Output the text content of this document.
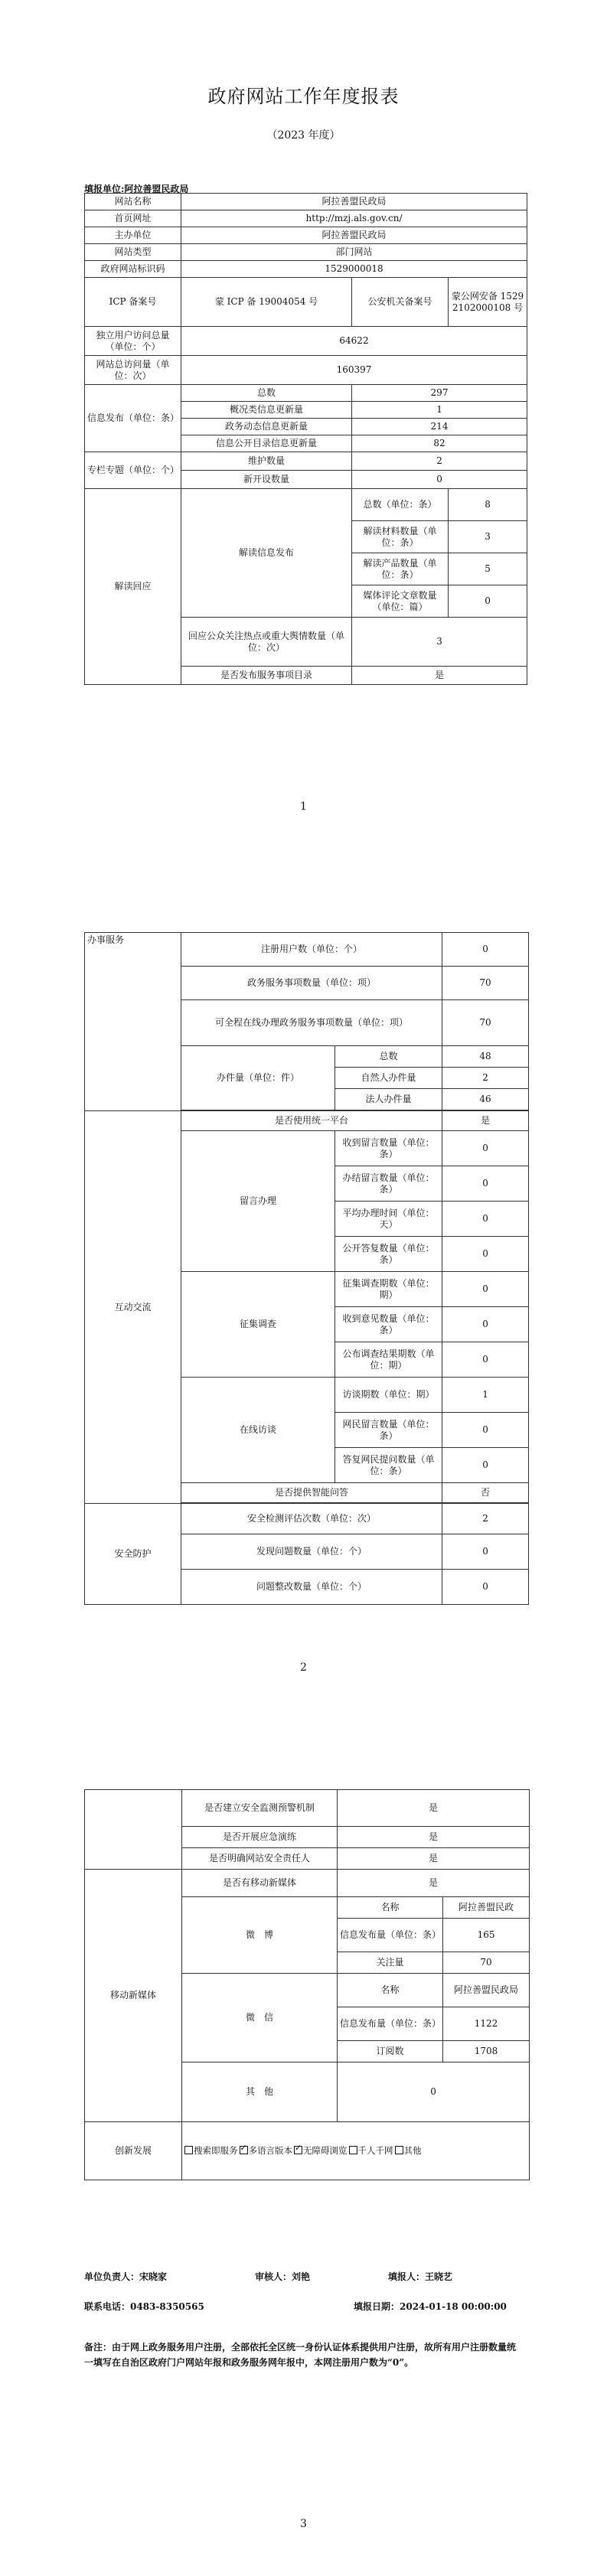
政府网站工作年度报表
（2023 年度）
填报单位:阿拉善盟民政局
网站名称	阿拉善盟民政局		
首页网址	http://mzj.als.gov.cn/		
主办单位	阿拉善盟民政局		
网站类型	部门网站		
政府网站标识码	1529000018		
ICP 备案号	蒙 ICP 备 19004054 号	公安机关备案号	蒙公网安备 15292102000108 号
独立用户访问总量（单位：个）	64622		
网站总访问量（单位：次）	160397		
信息发布（单位：条）	总数	297	
	概况类信息更新量	1	
	政务动态信息更新量	214	
	信息公开目录信息更新量	82	
专栏专题（单位：个）	维护数量	2	
	新开设数量	0	
解读回应	解读信息发布	总数（单位：条）	8
		解读材料数量（单位：条）	3
		解读产品数量（单位：条）	5
		媒体评论文章数量（单位：篇）	0
	回应公众关注热点或重大舆情数量（单位：次）	3	
	是否发布服务事项目录	是	
1
办事服务	注册用户数（单位：个）		0
	政务服务事项数量（单位：项）		70
	可全程在线办理政务服务事项数量（单位：项）		70
	办件量（单位：件）	总数	48
		自然人办件量	2
		法人办件量	46

互动交流	是否使用统一平台		是
	留言办理	收到留言数量（单位：条）	0
		办结留言数量（单位：条）	0
		平均办理时间（单位：天）	0
		公开答复数量（单位：条）	0
	征集调查	征集调查期数（单位：期）	0
		收到意见数量（单位：条）	0
		公布调查结果期数（单位：期）	0
	在线访谈	访谈期数（单位：期）	1
		网民留言数量（单位：条）	0
		答复网民提问数量（单位：条）	0
	是否提供智能问答		否

安全防护	安全检测评估次数（单位：次）		2
	发现问题数量（单位：个）		0
	问题整改数量（单位：个）		0
2
	是否建立安全监测预警机制	是	
	是否开展应急演练	是	
	是否明确网站安全责任人	是	
移动新媒体	是否有移动新媒体	是	
	微　博	名称	阿拉善盟民政
		信息发布量（单位：条）	165
		关注量	70
	微　信	名称	阿拉善盟民政局
		信息发布量（单位：条）	1122
		订阅数	1708
	其　他	0	
创新发展	搜索即服务 ✓ 多语言版本 ✓ 无障碍浏览 千人千网 其他
单位负责人：宋晓家	审核人：刘艳	填报人：王晓艺
联系电话：0483-8350565	填报日期：2024-01-18 00:00:00
备注：由于网上政务服务用户注册，全部依托全区统一身份认证体系提供用户注册，故所有用户注册数量统一填写在自治区政府门户网站年报和政务服务网年报中，本网注册用户数为“0”。
3
